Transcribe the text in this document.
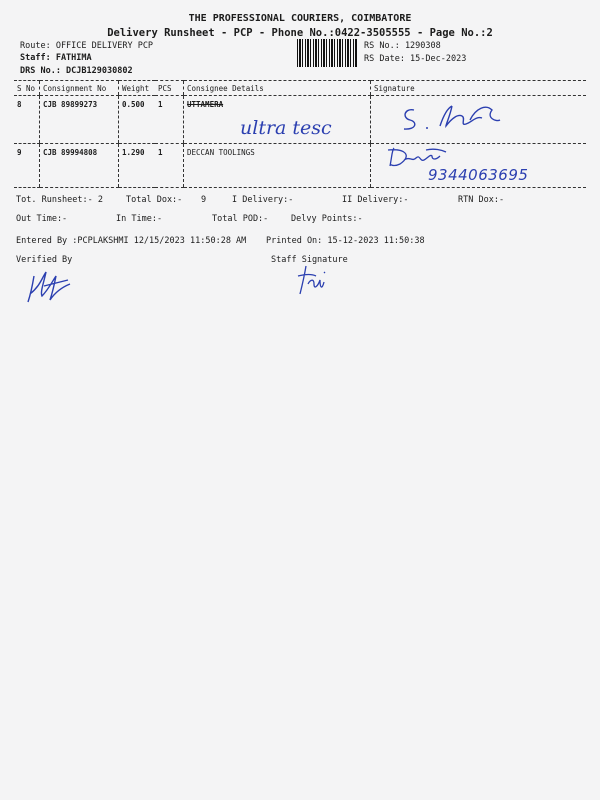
THE PROFESSIONAL COURIERS, COIMBATORE
Delivery Runsheet - PCP - Phone No.:0422-3505555 - Page No.:2
Route: OFFICE DELIVERY PCP
Staff: FATHIMA
DRS No.: DCJB129030802
RS No.: 1290308
RS Date: 15-Dec-2023
S No	Consignment No	Weight	PCS	Consignee Details	Signature
8	CJB 89899273	0.500	1	UTTAMERA	
9	CJB 89994808	1.290	1	DECCAN TOOLINGS	
ultra tesc
9344063695
Tot. Runsheet:- 2	Total Dox:- 9	I Delivery:-	II Delivery:-	RTN Dox:-
Out Time:-	In Time:-	Total POD:-	Delvy Points:-
Entered By :PCPLAKSHMI 12/15/2023 11:50:28 AM Printed On: 15-12-2023 11:50:38
Verified By	Staff Signature
